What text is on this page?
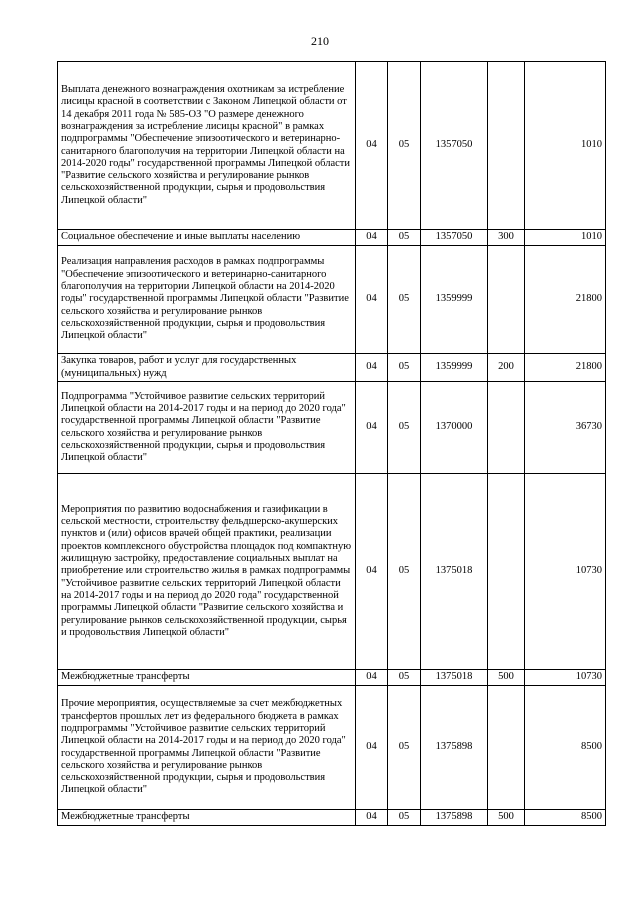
210
Выплата денежного вознаграждения охотникам за истребление лисицы красной в соответствии с Законом Липецкой области от 14 декабря 2011 года № 585-ОЗ "О размере денежного вознаграждения за истребление лисицы красной" в рамках подпрограммы "Обеспечение эпизоотического и ветеринарно-санитарного благополучия на территории Липецкой области на 2014-2020 годы" государственной программы Липецкой области "Развитие сельского хозяйства и регулирование рынков сельскохозяйственной продукции, сырья и продовольствия Липецкой области"	04	05	1357050		1010
Социальное обеспечение и иные выплаты населению	04	05	1357050	300	1010
Реализация направления расходов в рамках подпрограммы "Обеспечение эпизоотического и ветеринарно-санитарного благополучия на территории Липецкой области на 2014-2020 годы" государственной программы Липецкой области "Развитие сельского хозяйства и регулирование рынков сельскохозяйственной продукции, сырья и продовольствия Липецкой области"	04	05	1359999		21800
Закупка товаров, работ и услуг для государственных (муниципальных) нужд	04	05	1359999	200	21800
Подпрограмма "Устойчивое развитие сельских территорий Липецкой области на 2014-2017 годы и на период до 2020 года" государственной программы Липецкой области "Развитие сельского хозяйства и регулирование рынков сельскохозяйственной продукции, сырья и продовольствия Липецкой области"	04	05	1370000		36730
Мероприятия по развитию водоснабжения и газификации в сельской местности, строительству фельдшерско-акушерских пунктов и (или) офисов врачей общей практики, реализации проектов комплексного обустройства площадок под компактную жилищную застройку, предоставление социальных выплат на приобретение или строительство жилья в рамках подпрограммы "Устойчивое развитие сельских территорий Липецкой области на 2014-2017 годы и на период до 2020 года" государственной программы Липецкой области "Развитие сельского хозяйства и регулирование рынков сельскохозяйственной продукции, сырья и продовольствия Липецкой области"	04	05	1375018		10730
Межбюджетные трансферты	04	05	1375018	500	10730
Прочие мероприятия, осуществляемые за счет межбюджетных трансфертов прошлых лет из федерального бюджета в рамках подпрограммы "Устойчивое развитие сельских территорий Липецкой области на 2014-2017 годы и на период до 2020 года" государственной программы Липецкой области "Развитие сельского хозяйства и регулирование рынков сельскохозяйственной продукции, сырья и продовольствия Липецкой области"	04	05	1375898		8500
Межбюджетные трансферты	04	05	1375898	500	8500
